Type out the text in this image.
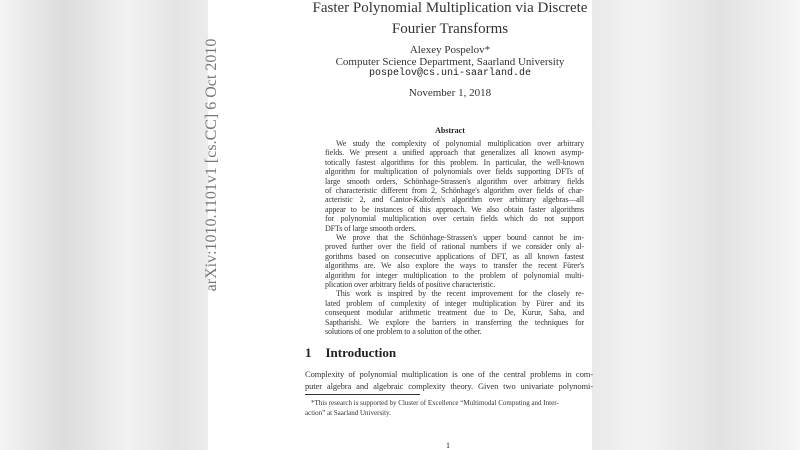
arXiv:1010.1101v1 [cs.CC] 6 Oct 2010
Faster Polynomial Multiplication via Discrete
Fourier Transforms
Alexey Pospelov*
Computer Science Department, Saarland University
pospelov@cs.uni-saarland.de
November 1, 2018
Abstract
We study the complexity of polynomial multiplication over arbitrary
fields. We present a unified approach that generalizes all known asymp-
totically fastest algorithms for this problem. In particular, the well-known
algorithm for multiplication of polynomials over fields supporting DFTs of
large smooth orders, Schönhage-Strassen's algorithm over arbitrary fields
of characteristic different from 2, Schönhage's algorithm over fields of char-
acteristic 2, and Cantor-Kaltofen's algorithm over arbitrary algebras—all
appear to be instances of this approach. We also obtain faster algorithms
for polynomial multiplication over certain fields which do not support
DFTs of large smooth orders.
We prove that the Schönhage-Strassen's upper bound cannot be im-
proved further over the field of rational numbers if we consider only al-
gorithms based on consecutive applications of DFT, as all known fastest
algorithms are. We also explore the ways to transfer the recent Fürer's
algorithm for integer multiplication to the problem of polynomial multi-
plication over arbitrary fields of positive characteristic.
This work is inspired by the recent improvement for the closely re-
lated problem of complexity of integer multiplication by Fürer and its
consequent modular arithmetic treatment due to De, Kurur, Saha, and
Saptharishi. We explore the barriers in transferring the techniques for
solutions of one problem to a solution of the other.
1 Introduction
Complexity of polynomial multiplication is one of the central problems in com-
puter algebra and algebraic complexity theory. Given two univariate polynomi-
*This research is supported by Cluster of Excellence “Multimodal Computing and Inter-
action” at Saarland University.
1
